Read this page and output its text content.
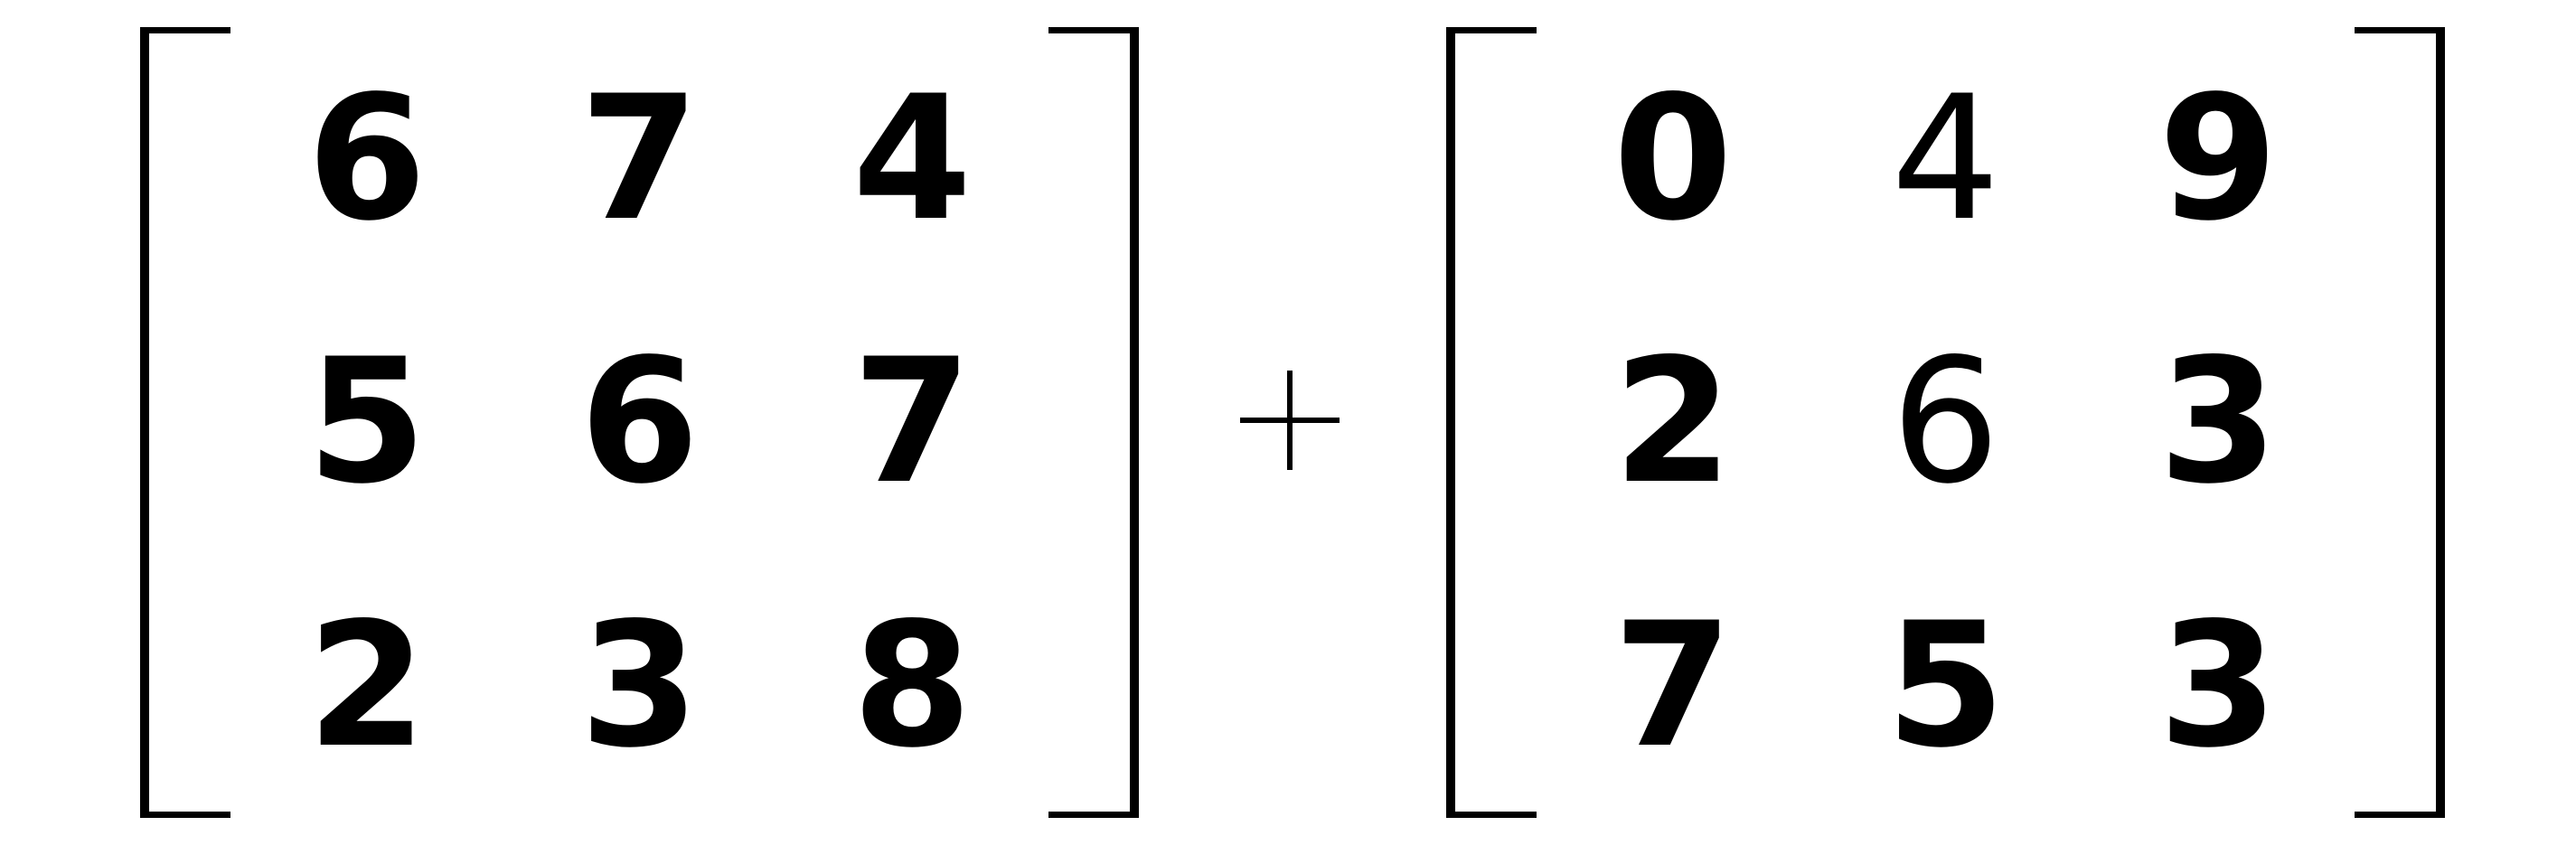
6 7 4
5 6 7
2 3 8
0 4 9
2 6 3
7 5 3
